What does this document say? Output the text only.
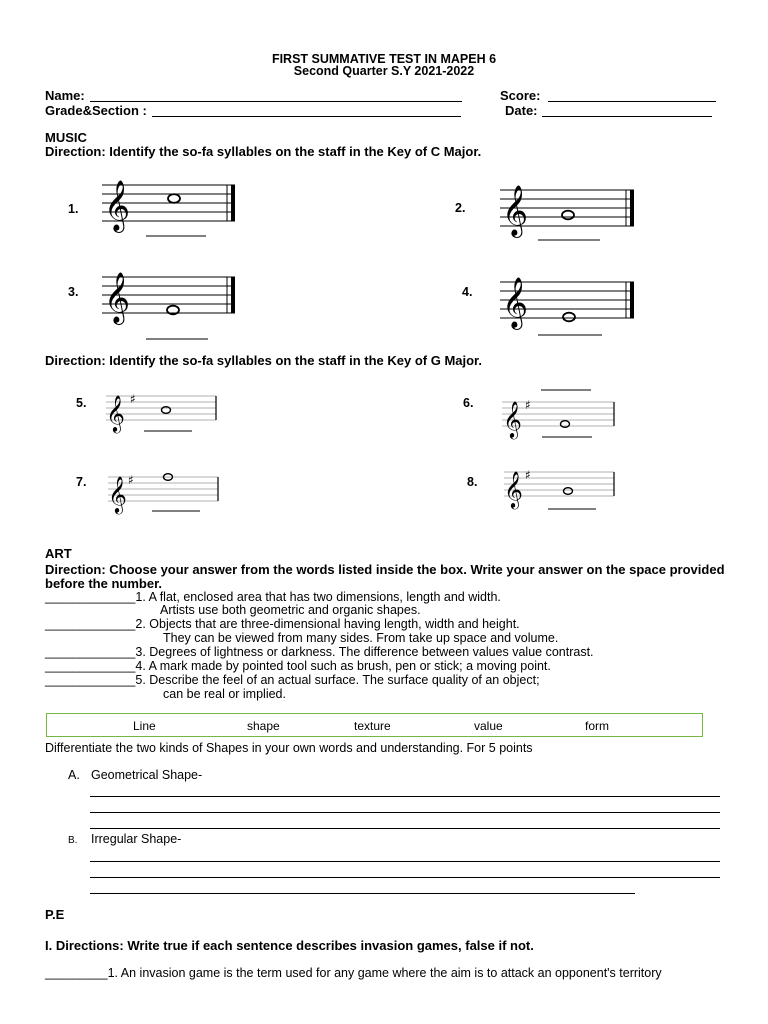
FIRST SUMMATIVE TEST IN MAPEH 6
Second Quarter S.Y 2021-2022
Name:
Grade&Section :
Score:
Date:
MUSIC
Direction: Identify the so-fa syllables on the staff in the Key of C Major.
1.	2.
3.	4.
𝄞	𝄞
𝄞	𝄞
Direction: Identify the so-fa syllables on the staff in the Key of G Major.
5.	6.
7.	8.
𝄞 ♯
𝄞 ♯
𝄞 ♯	𝄞 ♯
ART
Direction: Choose your answer from the words listed inside the box. Write your answer on the space provided before the number.
_____________1. A flat, enclosed area that has two dimensions, length and width.
Artists use both geometric and organic shapes.
_____________2. Objects that are three-dimensional having length, width and height.
They can be viewed from many sides. From take up space and volume.
_____________3. Degrees of lightness or darkness. The difference between values value contrast.
_____________4. A mark made by pointed tool such as brush, pen or stick; a moving point.
_____________5. Describe the feel of an actual surface. The surface quality of an object;
can be real or implied.
Line	shape	texture	value	form
Differentiate the two kinds of Shapes in your own words and understanding. For 5 points
A. Geometrical Shape-
B. Irregular Shape-
P.E
I. Directions: Write true if each sentence describes invasion games, false if not.
_________1. An invasion game is the term used for any game where the aim is to attack an opponent's territory
